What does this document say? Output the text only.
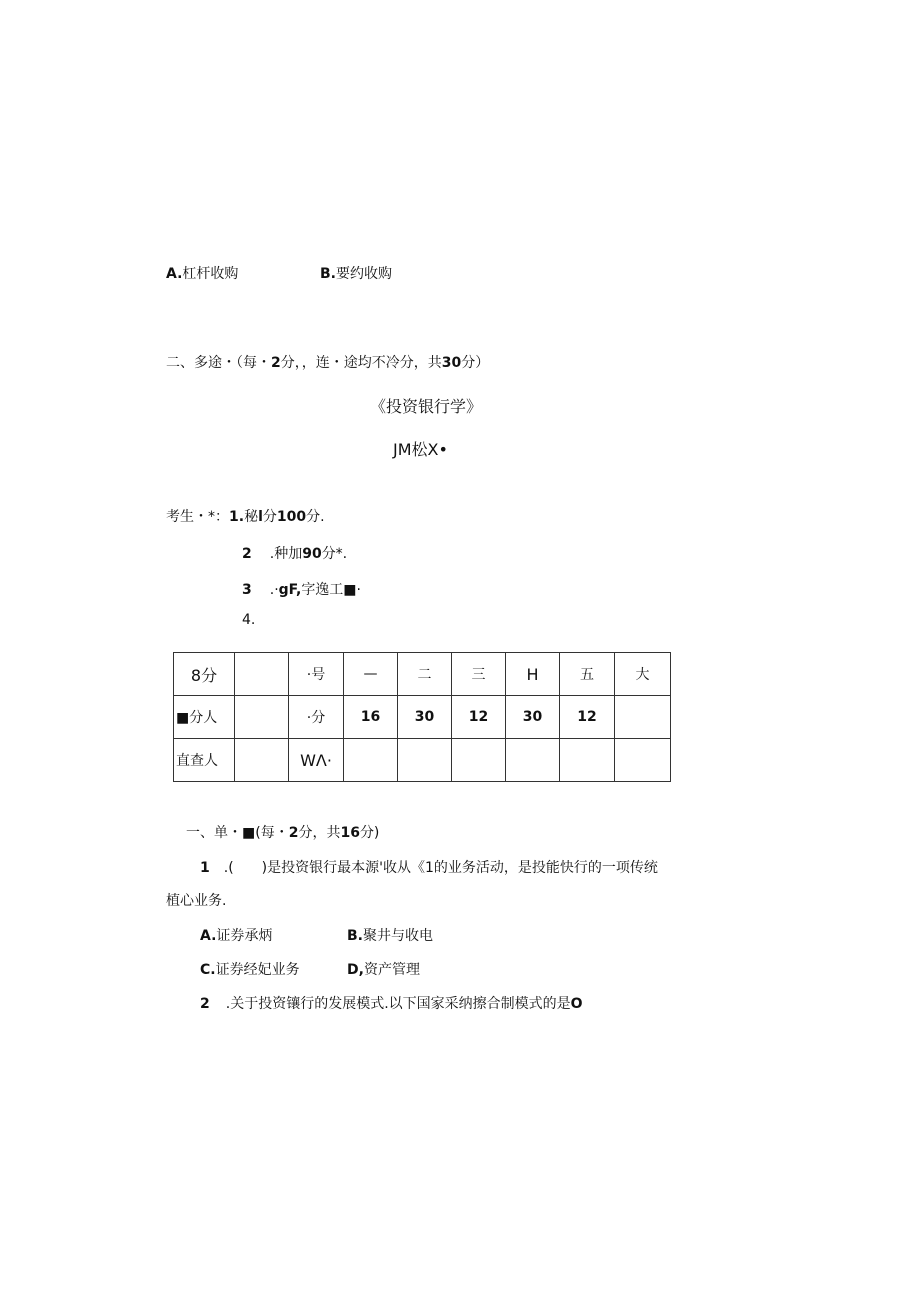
A.杠杆收购	B.要约收购
二、多途・（每・2分，，连・途均不冷分，共30分）
《投资银行学》
JM松X•
考生・*：1.秘l分100分.
2 .种加90分*.
3 .·gF,字逸工■·
4.
8分		·号	—	二	三	H	五	大
■分人		·分	16	30	12	30	12	
直查人		WΛ·						
一、单・■(每・2分，共16分)
1 .(　　)是投资银行最本源'收从《1的业务活动，是投能快行的一项传统
植心业务.
A.证券承炳	B.聚井与收电
C.证券经妃业务	D,资产管理
2 .关于投资镶行的发展模式.以下国家采纳擦合制模式的是O
